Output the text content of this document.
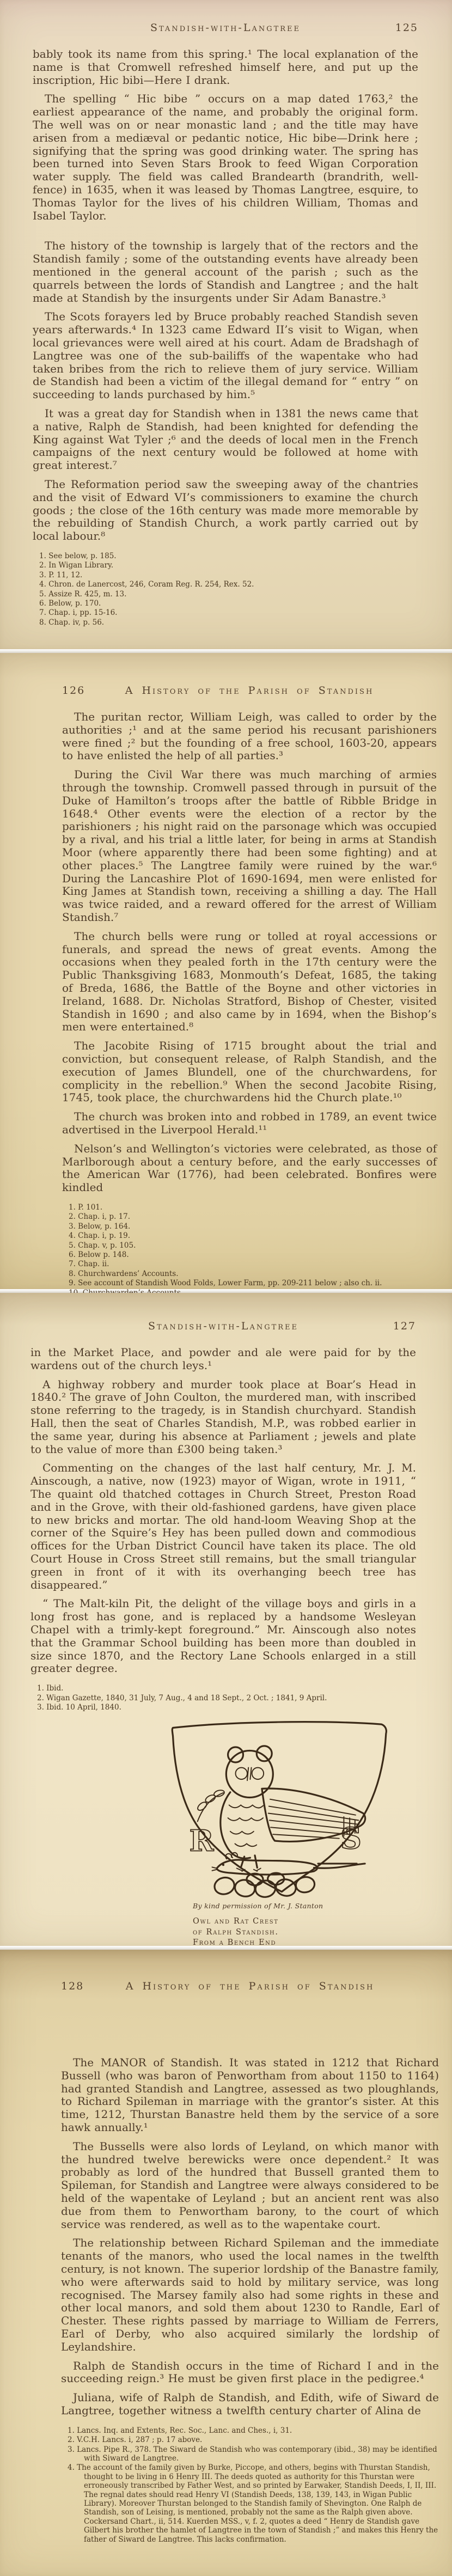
Standish-with-Langtree	125

bably took its name from this spring.¹ The local explanation of the name is that Cromwell refreshed himself here, and put up the inscription, Hic bibi—Here I drank.

The spelling “ Hic bibe ” occurs on a map dated 1763,² the earliest appearance of the name, and probably the original form. The well was on or near monastic land ; and the title may have arisen from a mediæval or pedantic notice, Hic bibe—Drink here ; signifying that the spring was good drinking water. The spring has been turned into Seven Stars Brook to feed Wigan Corporation water supply. The field was called Brandearth (brandrith, well-fence) in 1635, when it was leased by Thomas Langtree, esquire, to Thomas Taylor for the lives of his children William, Thomas and Isabel Taylor.

The history of the township is largely that of the rectors and the Standish family ; some of the outstanding events have already been mentioned in the general account of the parish ; such as the quarrels between the lords of Standish and Langtree ; and the halt made at Standish by the insurgents under Sir Adam Banastre.³

The Scots forayers led by Bruce probably reached Standish seven years afterwards.⁴ In 1323 came Edward II’s visit to Wigan, when local grievances were well aired at his court. Adam de Bradshagh of Langtree was one of the sub-bailiffs of the wapentake who had taken bribes from the rich to relieve them of jury service. William de Standish had been a victim of the illegal demand for “ entry ” on succeeding to lands purchased by him.⁵

It was a great day for Standish when in 1381 the news came that a native, Ralph de Standish, had been knighted for defending the King against Wat Tyler ;⁶ and the deeds of local men in the French campaigns of the next century would be followed at home with great interest.⁷

The Reformation period saw the sweeping away of the chantries and the visit of Edward VI’s commissioners to examine the church goods ; the close of the 16th century was made more memorable by the rebuilding of Standish Church, a work partly carried out by local labour.⁸

1. See below, p. 185.
2. In Wigan Library.
3. P. 11, 12.
4. Chron. de Lanercost, 246, Coram Reg. R. 254, Rex. 52.
5. Assize R. 425, m. 13.
6. Below, p. 170.
7. Chap. i, pp. 15-16.
8. Chap. iv, p. 56.
126	A History of the Parish of Standish

The puritan rector, William Leigh, was called to order by the authorities ;¹ and at the same period his recusant parishioners were fined ;² but the founding of a free school, 1603-20, appears to have enlisted the help of all parties.³

During the Civil War there was much marching of armies through the township. Cromwell passed through in pursuit of the Duke of Hamilton’s troops after the battle of Ribble Bridge in 1648.⁴ Other events were the election of a rector by the parishioners ; his night raid on the parsonage which was occupied by a rival, and his trial a little later, for being in arms at Standish Moor (where apparently there had been some fighting) and at other places.⁵ The Langtree family were ruined by the war.⁶ During the Lancashire Plot of 1690-1694, men were enlisted for King James at Standish town, receiving a shilling a day. The Hall was twice raided, and a reward offered for the arrest of William Standish.⁷

The church bells were rung or tolled at royal accessions or funerals, and spread the news of great events. Among the occasions when they pealed forth in the 17th century were the Public Thanksgiving 1683, Monmouth’s Defeat, 1685, the taking of Breda, 1686, the Battle of the Boyne and other victories in Ireland, 1688. Dr. Nicholas Stratford, Bishop of Chester, visited Standish in 1690 ; and also came by in 1694, when the Bishop’s men were entertained.⁸

The Jacobite Rising of 1715 brought about the trial and conviction, but consequent release, of Ralph Standish, and the execution of James Blundell, one of the churchwardens, for complicity in the rebellion.⁹ When the second Jacobite Rising, 1745, took place, the churchwardens hid the Church plate.¹⁰

The church was broken into and robbed in 1789, an event twice advertised in the Liverpool Herald.¹¹

Nelson’s and Wellington’s victories were celebrated, as those of Marlborough about a century before, and the early successes of the American War (1776), had been celebrated. Bonfires were kindled

1. P. 101.
2. Chap. i, p. 17.
3. Below, p. 164.
4. Chap. i, p. 19.
5. Chap. v, p. 105.
6. Below p. 148.
7. Chap. ii.
8. Churchwardens’ Accounts.
9. See account of Standish Wood Folds, Lower Farm, pp. 209-211 below ; also ch. ii.
Standish-with-Langtree	127

in the Market Place, and powder and ale were paid for by the wardens out of the church leys.¹

A highway robbery and murder took place at Boar’s Head in 1840.² The grave of John Coulton, the murdered man, with inscribed stone referring to the tragedy, is in Standish churchyard. Standish Hall, then the seat of Charles Standish, M.P., was robbed earlier in the same year, during his absence at Parliament ; jewels and plate to the value of more than £300 being taken.³

Commenting on the changes of the last half century, Mr. J. M. Ainscough, a native, now (1923) mayor of Wigan, wrote in 1911, “ The quaint old thatched cottages in Church Street, Preston Road and in the Grove, with their old-fashioned gardens, have given place to new bricks and mortar. The old hand-loom Weaving Shop at the corner of the Squire’s Hey has been pulled down and commodious offices for the Urban District Council have taken its place. The old Court House in Cross Street still remains, but the small triangular green in front of it with its overhanging beech tree has disappeared.”

“ The Malt-kiln Pit, the delight of the village boys and girls in a long frost has gone, and is replaced by a handsome Wesleyan Chapel with a trimly-kept foreground.” Mr. Ainscough also notes that the Grammar School building has been more than doubled in size since 1870, and the Rectory Lane Schools enlarged in a still greater degree.

1. Ibid.
2. Wigan Gazette, 1840, 31 July, 7 Aug., 4 and 18 Sept., 2 Oct. ; 1841, 9 April.
3. Ibid. 10 April, 1840.
R	S
By kind permission of Mr. J. Stanton
Owl and Rat Crest
of Ralph Standish.
From a Bench End
128	A History of the Parish of Standish

The MANOR of Standish. It was stated in 1212 that Richard Bussell (who was baron of Penwortham from about 1150 to 1164) had granted Standish and Langtree, assessed as two ploughlands, to Richard Spileman in marriage with the grantor’s sister. At this time, 1212, Thurstan Banastre held them by the service of a sore hawk annually.¹

The Bussells were also lords of Leyland, on which manor with the hundred twelve berewicks were once dependent.² It was probably as lord of the hundred that Bussell granted them to Spileman, for Standish and Langtree were always considered to be held of the wapentake of Leyland ; but an ancient rent was also due from them to Penwortham barony, to the court of which service was rendered, as well as to the wapentake court.

The relationship between Richard Spileman and the immediate tenants of the manors, who used the local names in the twelfth century, is not known. The superior lordship of the Banastre family, who were afterwards said to hold by military service, was long recognised. The Marsey family also had some rights in these and other local manors, and sold them about 1230 to Randle, Earl of Chester. These rights passed by marriage to William de Ferrers, Earl of Derby, who also acquired similarly the lordship of Leylandshire.

Ralph de Standish occurs in the time of Richard I and in the succeeding reign.³ He must be given first place in the pedigree.⁴

Juliana, wife of Ralph de Standish, and Edith, wife of Siward de Langtree, together witness a twelfth century charter of Alina de

1. Lancs. Inq. and Extents, Rec. Soc., Lanc. and Ches., i, 31.
2. V.C.H. Lancs. i, 287 ; p. 17 above.
3. Lancs. Pipe R., 378. The Siward de Standish who was contemporary (ibid., 38) may be identified with Siward de Langtree.
4. The account of the family given by Burke, Piccope, and others, begins with Thurstan Standish, thought to be living in 6 Henry III. The deeds quoted as authority for this Thurstan were erroneously transcribed by Father West, and so printed by Earwaker, Standish Deeds, I, II, III. The regnal dates should read Henry VI (Standish Deeds, 138, 139, 143, in Wigan Public Library). Moreover Thurstan belonged to the Standish family of Shevington. One Ralph de Standish, son of Leising, is mentioned, probably not the same as the Ralph given above. Cockersand Chart., ii, 514. Kuerden MSS., v, f. 2, quotes a deed “ Henry de Standish gave Gilbert his brother the hamlet of Langtree in the town of Standish ;” and makes this Henry the father of Siward de Langtree. This lacks confirmation.
